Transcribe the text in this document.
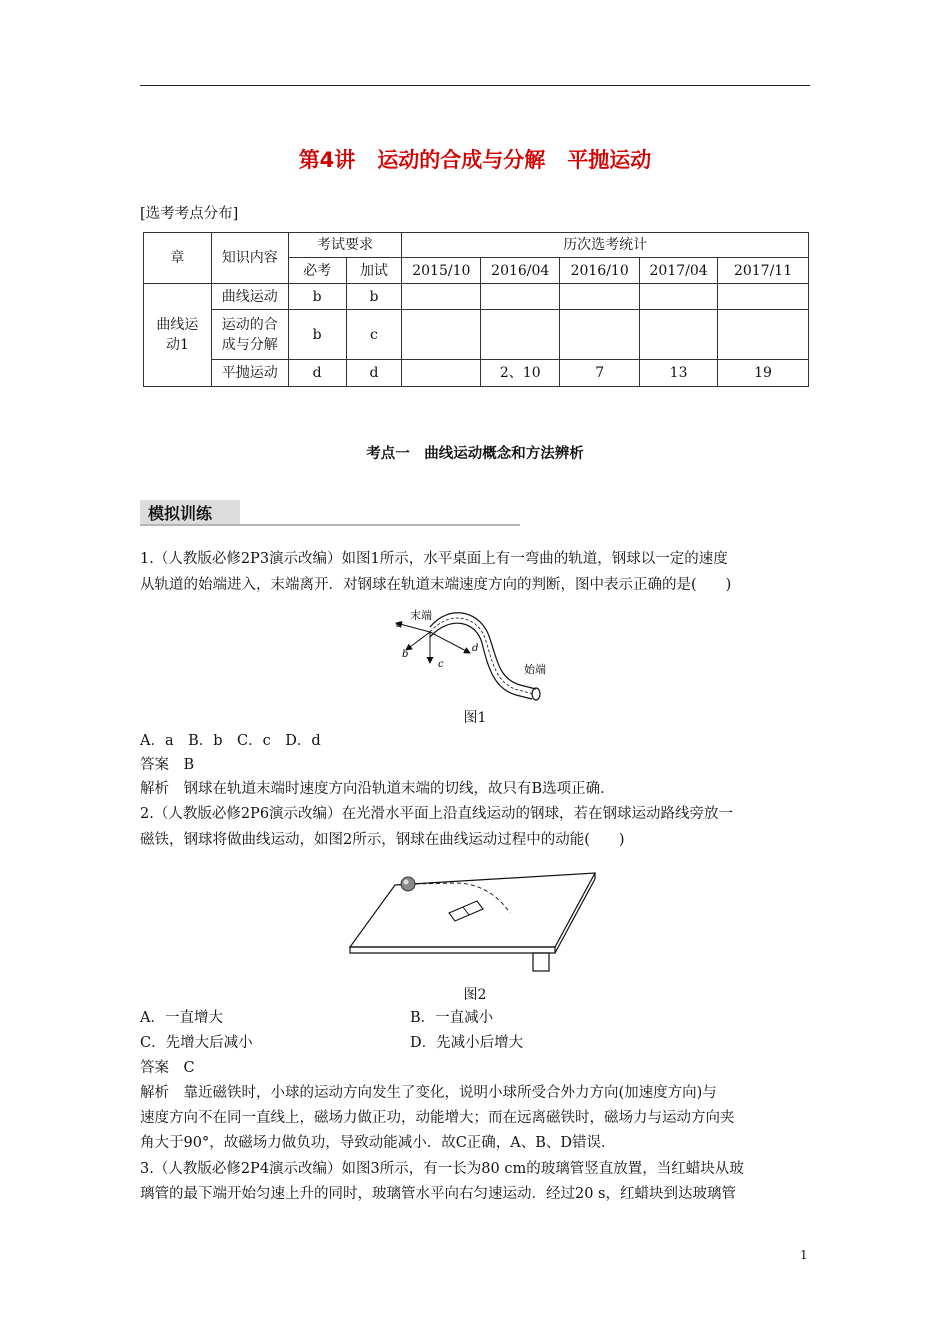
第4讲 运动的合成与分解 平抛运动
[选考考点分布]
章	知识内容	考试要求		历次选考统计				
		必考	加试	2015/10	2016/04	2016/10	2017/04	2017/11
曲线运动1	曲线运动	b	b					
	运动的合成与分解	b	c					
	平抛运动	d	d		2、10	7	13	19
考点一　曲线运动概念和方法辨析
模拟训练
1.（人教版必修2P3演示改编）如图1所示，水平桌面上有一弯曲的轨道，钢球以一定的速度
从轨道的始端进入，末端离开．对钢球在轨道末端速度方向的判断，图中表示正确的是(　　)
末端
a
b
c
d
始端
图1
A．a　B．b　C．c　D．d
答案　B
解析　钢球在轨道末端时速度方向沿轨道末端的切线，故只有B选项正确．
2.（人教版必修2P6演示改编）在光滑水平面上沿直线运动的钢球，若在钢球运动路线旁放一
磁铁，钢球将做曲线运动，如图2所示，钢球在曲线运动过程中的动能(　　)
图2
A．一直增大	B．一直减小
C．先增大后减小	D．先减小后增大
答案　C
解析　靠近磁铁时，小球的运动方向发生了变化，说明小球所受合外力方向(加速度方向)与
速度方向不在同一直线上，磁场力做正功，动能增大；而在远离磁铁时，磁场力与运动方向夹
角大于90°，故磁场力做负功，导致动能减小．故C正确，A、B、D错误．
3.（人教版必修2P4演示改编）如图3所示，有一长为80 cm的玻璃管竖直放置，当红蜡块从玻
璃管的最下端开始匀速上升的同时，玻璃管水平向右匀速运动．经过20 s，红蜡块到达玻璃管
1
